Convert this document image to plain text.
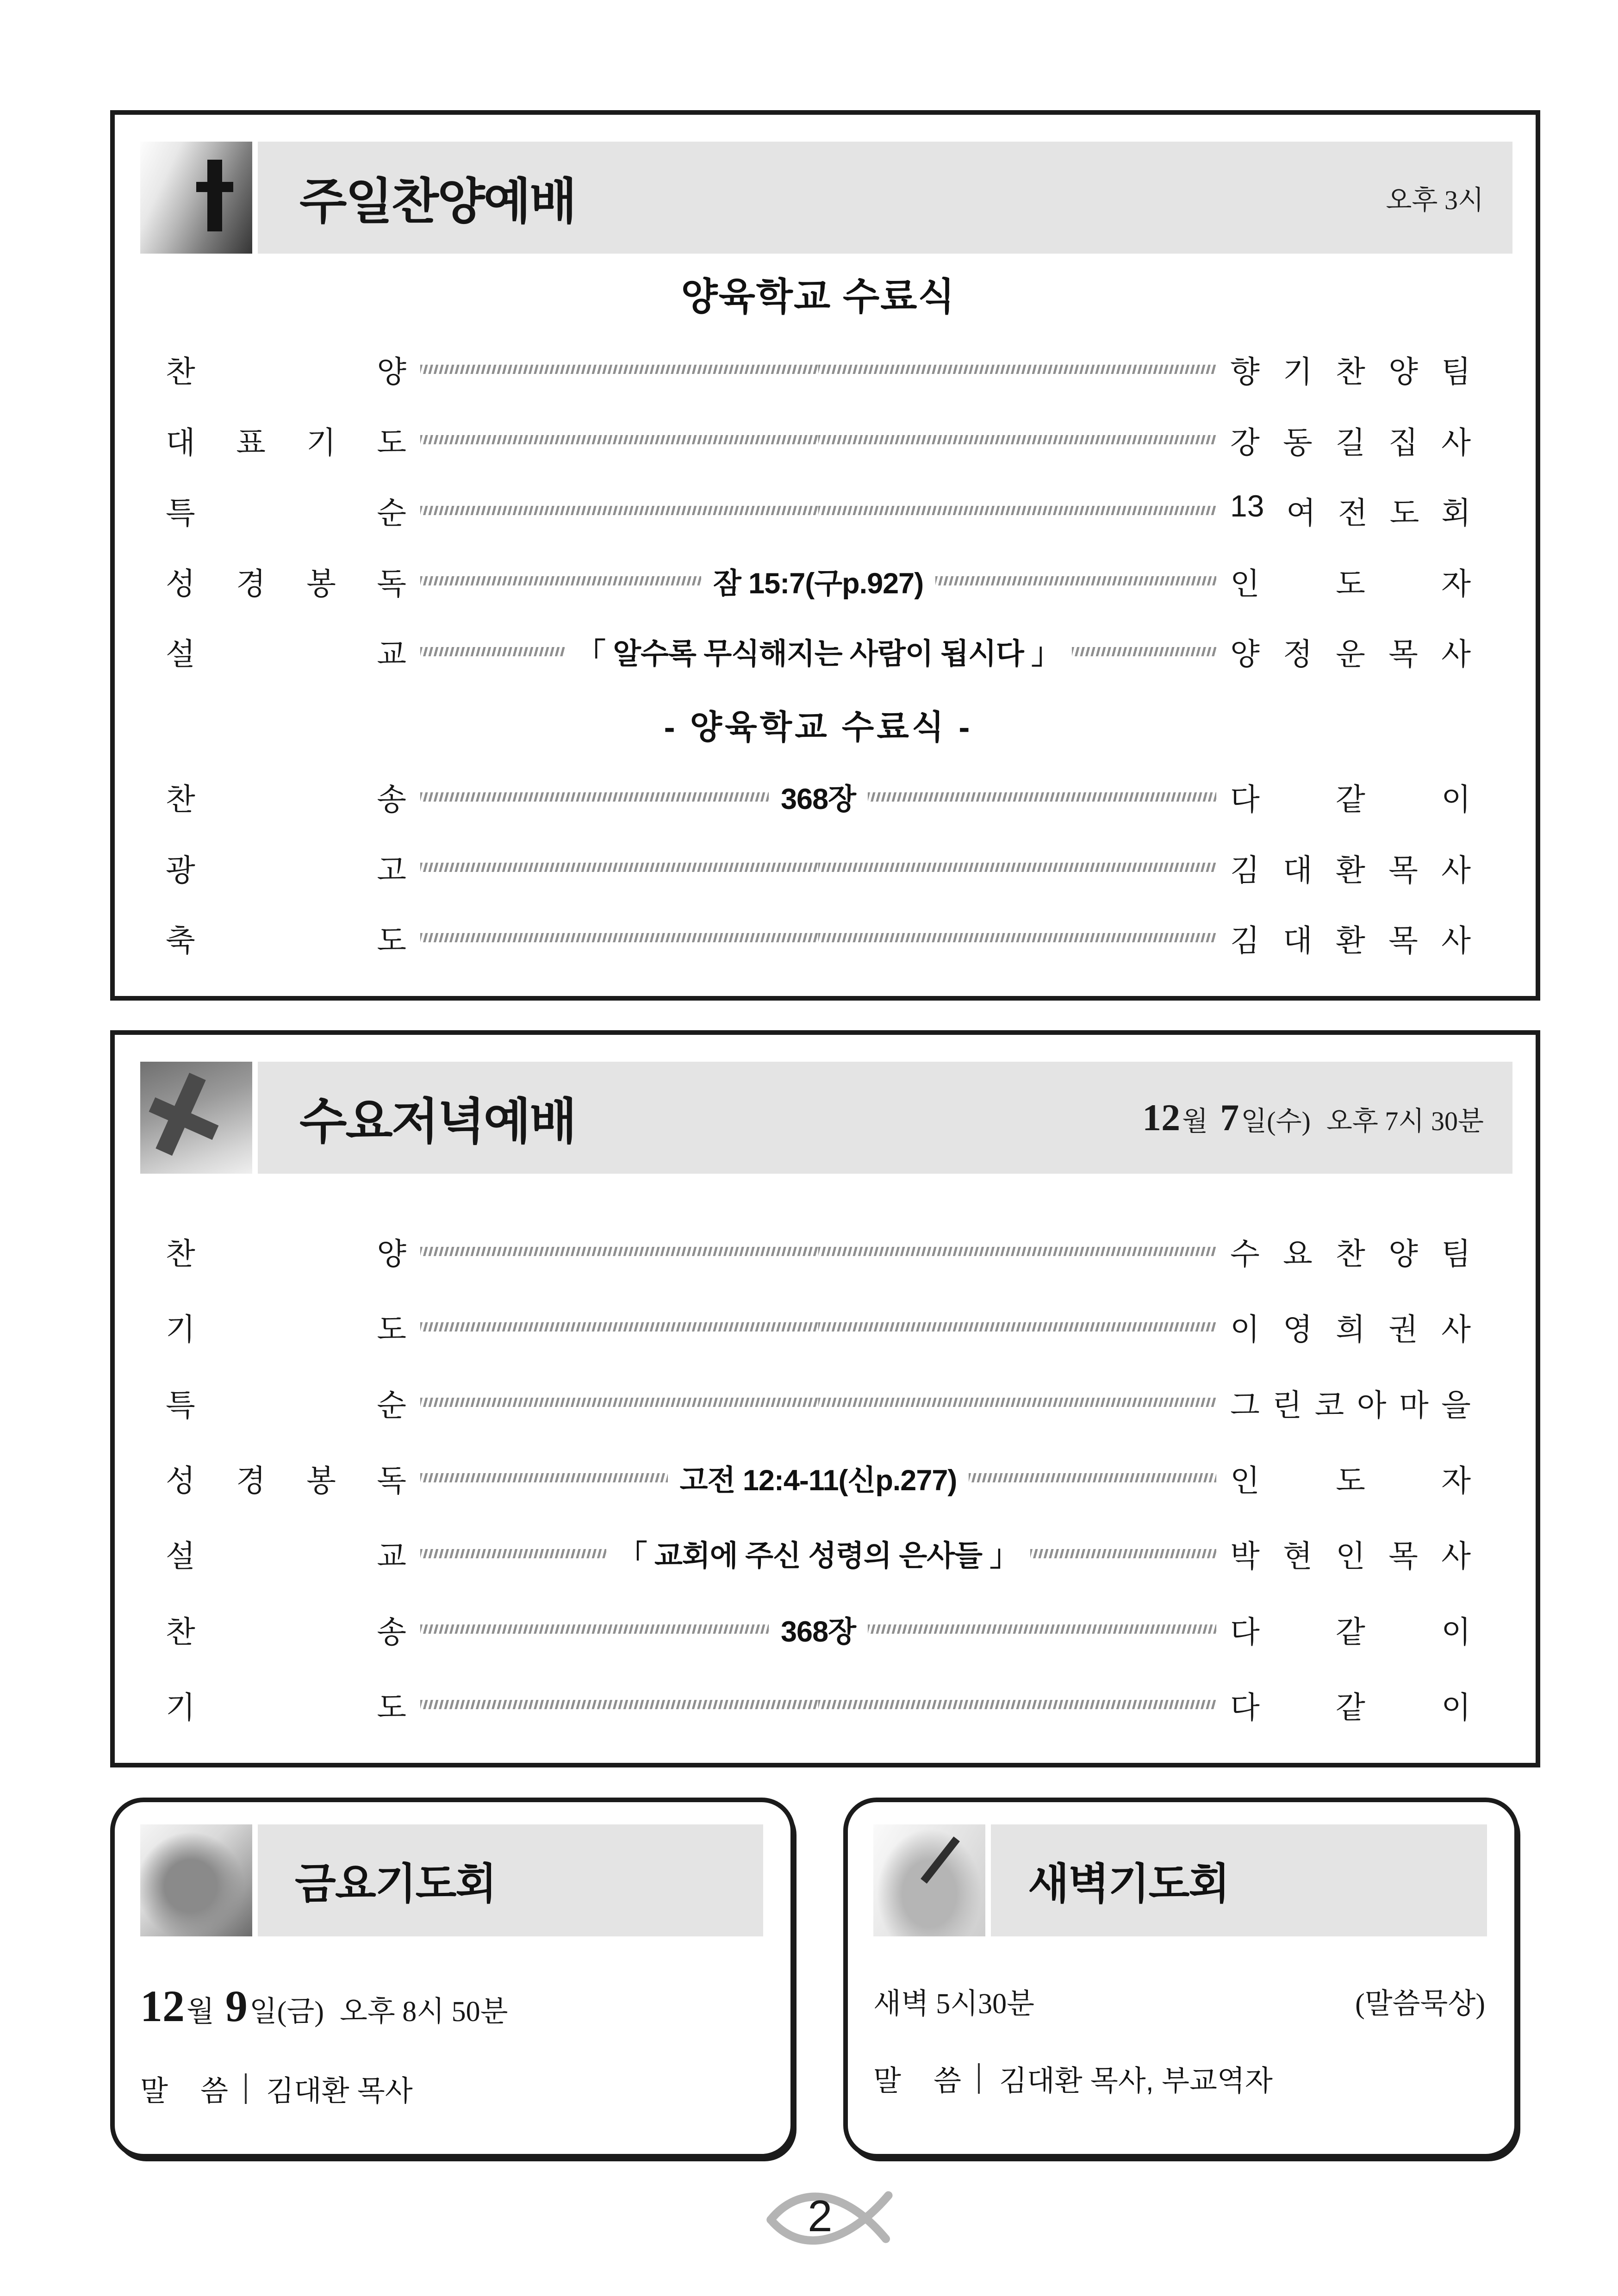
주일찬양예배	오후 3시
양육학교 수료식
찬	양	향 기 찬 양 팀
대 표 기 도	강 동 길 집 사
특	순	13 여 전 도 회
성 경 봉 독	잠 15:7(구p.927)	인 도 자
설	교	「 알수록 무식해지는 사람이 됩시다 」	양 정 운 목 사
- 양육학교 수료식 -
찬	송	368장	다 같 이
광	고	김 대 환 목 사
축	도	김 대 환 목 사
수요저녁예배	12월 7일(수) 오후 7시 30분
찬	양	수 요 찬 양 팀
기	도	이 영 희 권 사
특	순	그 린 코 아 마 을
성 경 봉 독	고전 12:4-11(신p.277)	인 도 자
설	교	「 교회에 주신 성령의 은사들 」	박 현 인 목 사
찬	송	368장	다 같 이
기	도	다 같 이
금요기도회
12 월 9 일(금) 오후 8시 50분
말 씀 김대환 목사
새벽기도회
새벽 5시30분	(말씀묵상)
말 씀 김대환 목사, 부교역자
2
